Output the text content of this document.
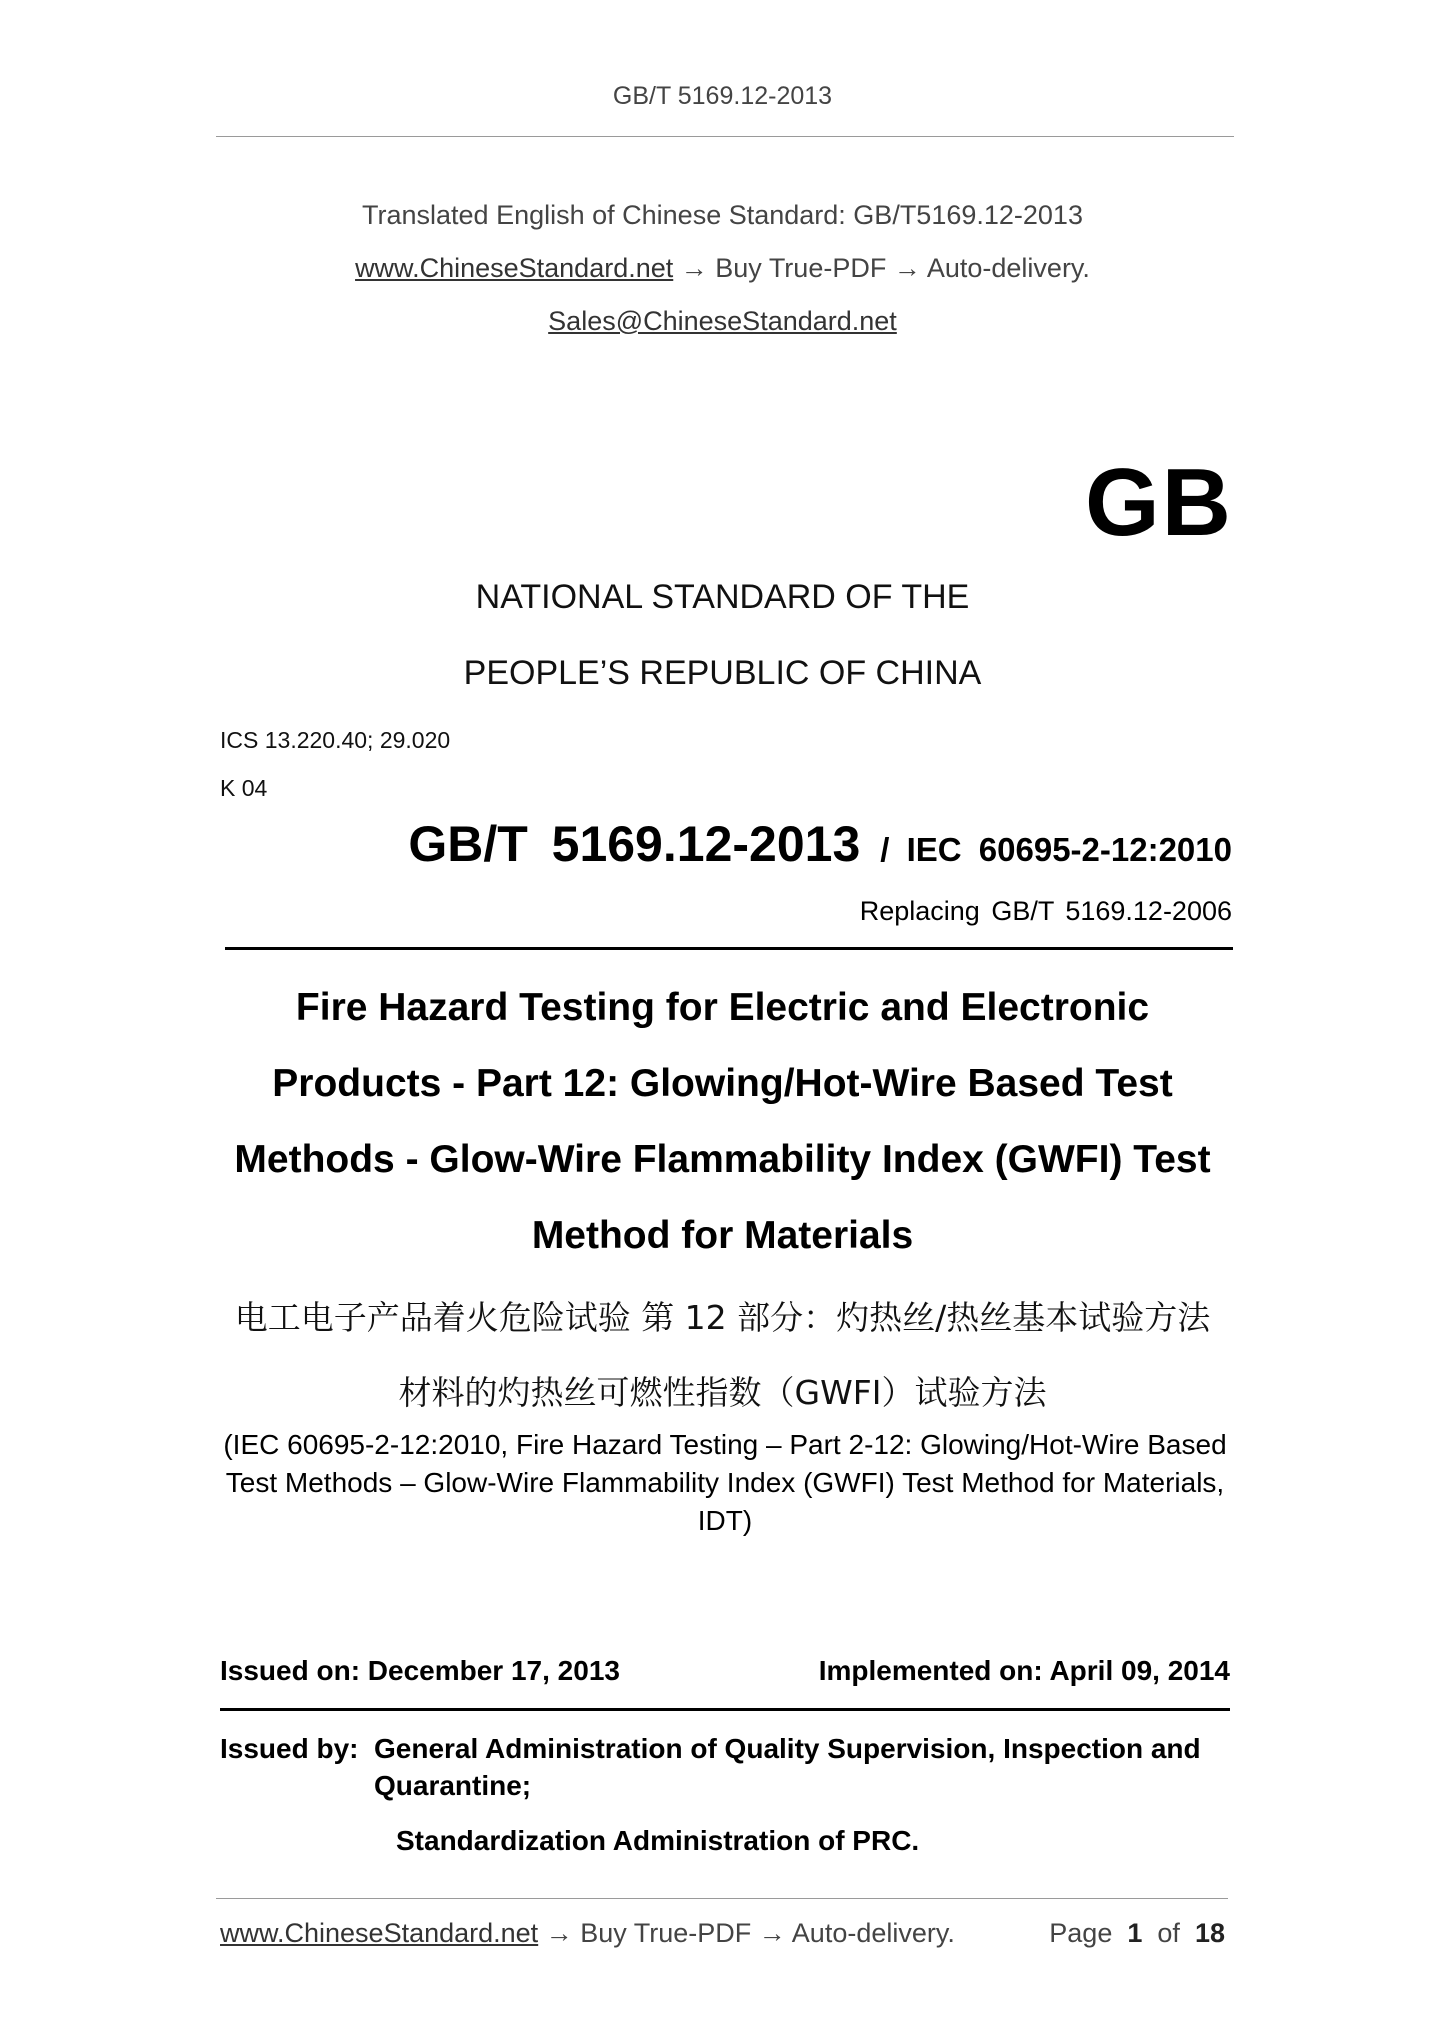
GB/T 5169.12-2013
Translated English of Chinese Standard: GB/T5169.12-2013
www.ChineseStandard.net → Buy True-PDF → Auto-delivery.
Sales@ChineseStandard.net
GB
NATIONAL STANDARD OF THE
PEOPLE’S REPUBLIC OF CHINA
ICS 13.220.40; 29.020
K 04
GB/T 5169.12-2013 / IEC 60695-2-12:2010
Replacing GB/T 5169.12-2006
Fire Hazard Testing for Electric and Electronic
Products - Part 12: Glowing/Hot-Wire Based Test
Methods - Glow-Wire Flammability Index (GWFI) Test
Method for Materials
电工电子产品着火危险试验 第 12 部分：灼热丝/热丝基本试验方法
材料的灼热丝可燃性指数（GWFI）试验方法
(IEC 60695-2-12:2010, Fire Hazard Testing – Part 2-12: Glowing/Hot-Wire Based Test Methods – Glow-Wire Flammability Index (GWFI) Test Method for Materials, IDT)
Issued on: December 17, 2013	Implemented on: April 09, 2014
Issued by: General Administration of Quality Supervision, Inspection and Quarantine;
Standardization Administration of PRC.
www.ChineseStandard.net → Buy True-PDF → Auto-delivery.	Page 1 of 18
